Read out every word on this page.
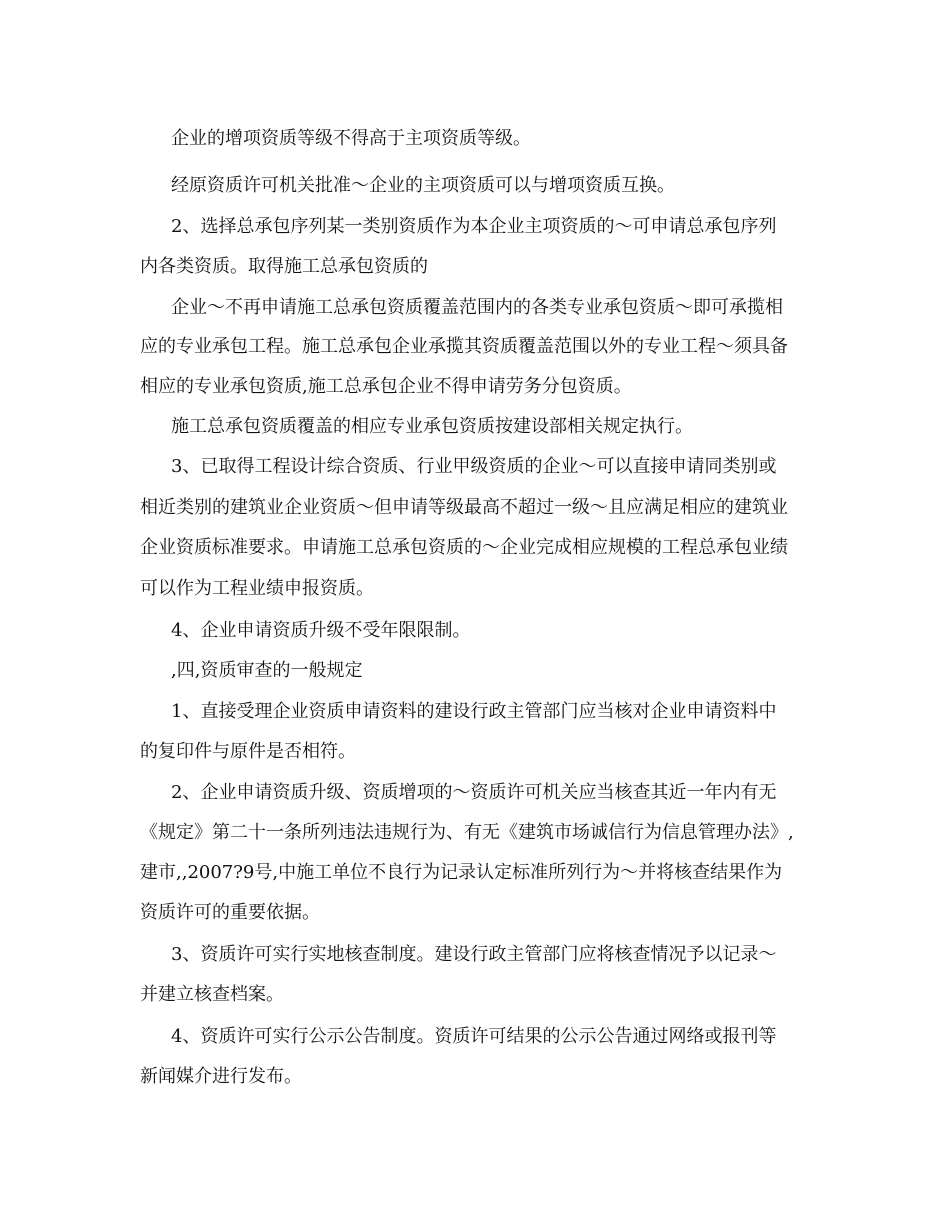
企业的增项资质等级不得高于主项资质等级。
经原资质许可机关批准～企业的主项资质可以与增项资质互换。
2、选择总承包序列某一类别资质作为本企业主项资质的～可申请总承包序列
内各类资质。取得施工总承包资质的
企业～不再申请施工总承包资质覆盖范围内的各类专业承包资质～即可承揽相
应的专业承包工程。施工总承包企业承揽其资质覆盖范围以外的专业工程～须具备
相应的专业承包资质,施工总承包企业不得申请劳务分包资质。
施工总承包资质覆盖的相应专业承包资质按建设部相关规定执行。
3、已取得工程设计综合资质、行业甲级资质的企业～可以直接申请同类别或
相近类别的建筑业企业资质～但申请等级最高不超过一级～且应满足相应的建筑业
企业资质标准要求。申请施工总承包资质的～企业完成相应规模的工程总承包业绩
可以作为工程业绩申报资质。
4、企业申请资质升级不受年限限制。
,四,资质审查的一般规定
1、直接受理企业资质申请资料的建设行政主管部门应当核对企业申请资料中
的复印件与原件是否相符。
2、企业申请资质升级、资质增项的～资质许可机关应当核查其近一年内有无
《规定》第二十一条所列违法违规行为、有无《建筑市场诚信行为信息管理办法》,
建市,,2007?9号,中施工单位不良行为记录认定标准所列行为～并将核查结果作为
资质许可的重要依据。
3、资质许可实行实地核查制度。建设行政主管部门应将核查情况予以记录～
并建立核查档案。
4、资质许可实行公示公告制度。资质许可结果的公示公告通过网络或报刊等
新闻媒介进行发布。
